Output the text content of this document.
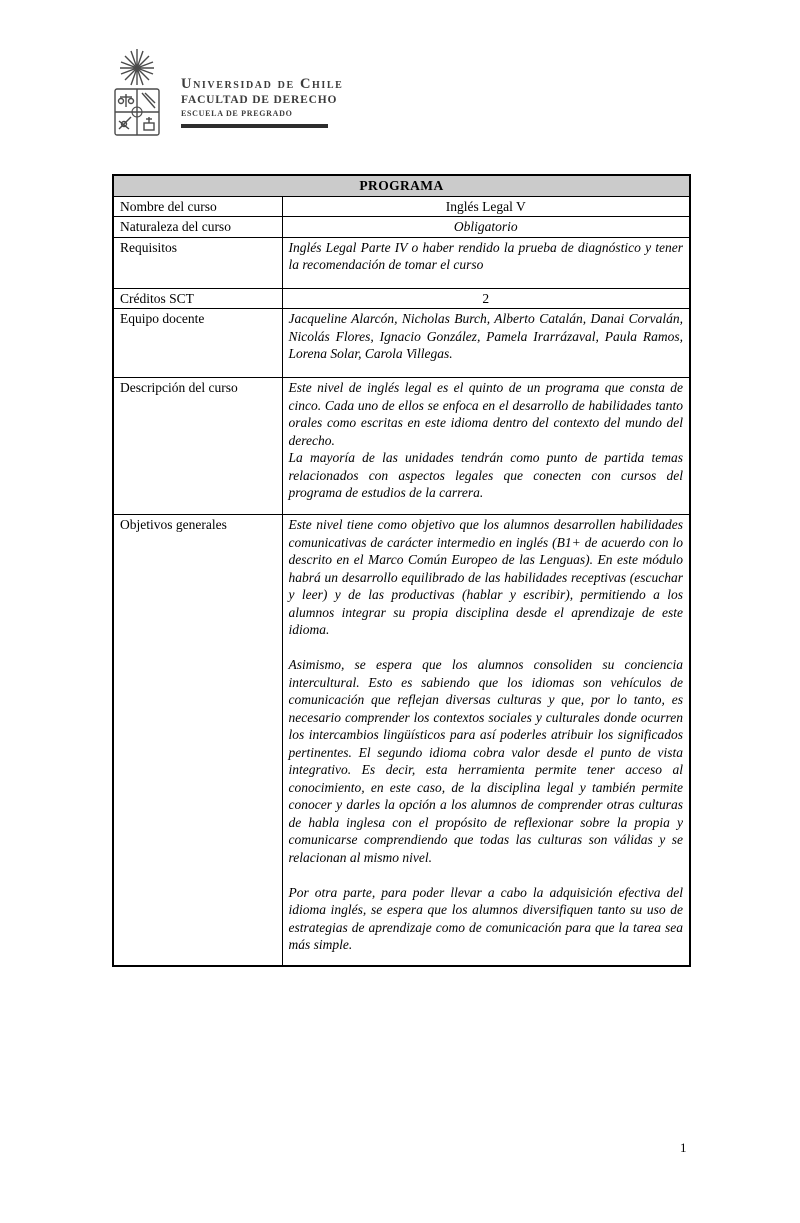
Universidad de Chile
FACULTAD DE DERECHO
ESCUELA DE PREGRADO
PROGRAMA	
Nombre del curso	Inglés Legal V
Naturaleza del curso	Obligatorio
Requisitos	Inglés Legal Parte IV o haber rendido la prueba de diagnóstico y tener la recomendación de tomar el curso
Créditos SCT	2
Equipo docente	Jacqueline Alarcón, Nicholas Burch, Alberto Catalán, Danai Corvalán, Nicolás Flores, Ignacio González, Pamela Irarrázaval, Paula Ramos, Lorena Solar, Carola Villegas.
Descripción del curso	Este nivel de inglés legal es el quinto de un programa que consta de cinco. Cada uno de ellos se enfoca en el desarrollo de habilidades tanto orales como escritas en este idioma dentro del contexto del mundo del derecho.

La mayoría de las unidades tendrán como punto de partida temas relacionados con aspectos legales que conecten con cursos del programa de estudios de la carrera.

Objetivos generales	Este nivel tiene como objetivo que los alumnos desarrollen habilidades comunicativas de carácter intermedio en inglés (B1+ de acuerdo con lo descrito en el Marco Común Europeo de las Lenguas). En este módulo habrá un desarrollo equilibrado de las habilidades receptivas (escuchar y leer) y de las productivas (hablar y escribir), permitiendo a los alumnos integrar su propia disciplina desde el aprendizaje de este idioma.

Asimismo, se espera que los alumnos consoliden su conciencia intercultural. Esto es sabiendo que los idiomas son vehículos de comunicación que reflejan diversas culturas y que, por lo tanto, es necesario comprender los contextos sociales y culturales donde ocurren los intercambios lingüísticos para así poderles atribuir los significados pertinentes. El segundo idioma cobra valor desde el punto de vista integrativo. Es decir, esta herramienta permite tener acceso al conocimiento, en este caso, de la disciplina legal y también permite conocer y darles la opción a los alumnos de comprender otras culturas de habla inglesa con el propósito de reflexionar sobre la propia y comunicarse comprendiendo que todas las culturas son válidas y se relacionan al mismo nivel.

Por otra parte, para poder llevar a cabo la adquisición efectiva del idioma inglés, se espera que los alumnos diversifiquen tanto su uso de estrategias de aprendizaje como de comunicación para que la tarea sea más simple.

1
